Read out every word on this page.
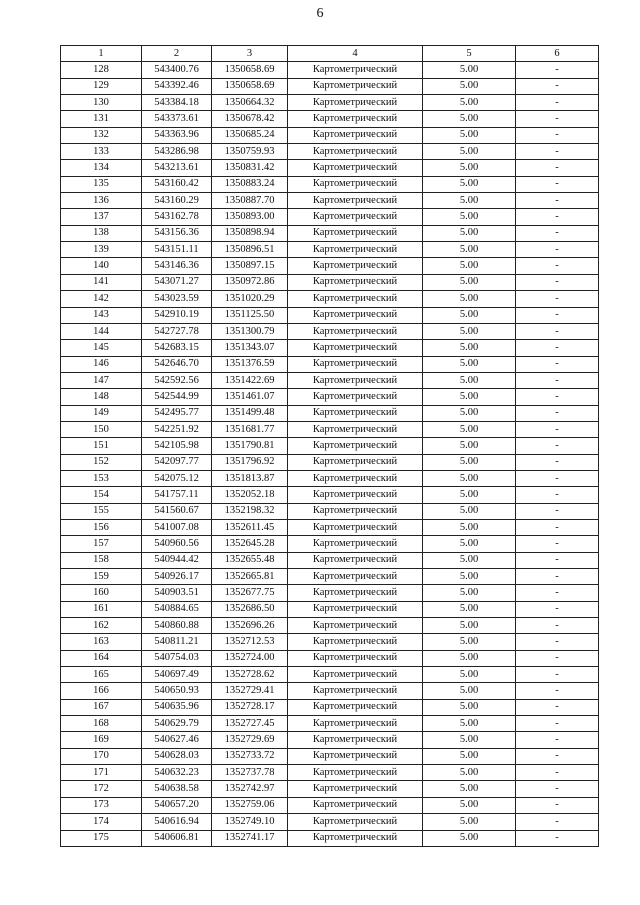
6
1	2	3	4	5	6
128	543400.76	1350658.69	Картометрический	5.00	-
129	543392.46	1350658.69	Картометрический	5.00	-
130	543384.18	1350664.32	Картометрический	5.00	-
131	543373.61	1350678.42	Картометрический	5.00	-
132	543363.96	1350685.24	Картометрический	5.00	-
133	543286.98	1350759.93	Картометрический	5.00	-
134	543213.61	1350831.42	Картометрический	5.00	-
135	543160.42	1350883.24	Картометрический	5.00	-
136	543160.29	1350887.70	Картометрический	5.00	-
137	543162.78	1350893.00	Картометрический	5.00	-
138	543156.36	1350898.94	Картометрический	5.00	-
139	543151.11	1350896.51	Картометрический	5.00	-
140	543146.36	1350897.15	Картометрический	5.00	-
141	543071.27	1350972.86	Картометрический	5.00	-
142	543023.59	1351020.29	Картометрический	5.00	-
143	542910.19	1351125.50	Картометрический	5.00	-
144	542727.78	1351300.79	Картометрический	5.00	-
145	542683.15	1351343.07	Картометрический	5.00	-
146	542646.70	1351376.59	Картометрический	5.00	-
147	542592.56	1351422.69	Картометрический	5.00	-
148	542544.99	1351461.07	Картометрический	5.00	-
149	542495.77	1351499.48	Картометрический	5.00	-
150	542251.92	1351681.77	Картометрический	5.00	-
151	542105.98	1351790.81	Картометрический	5.00	-
152	542097.77	1351796.92	Картометрический	5.00	-
153	542075.12	1351813.87	Картометрический	5.00	-
154	541757.11	1352052.18	Картометрический	5.00	-
155	541560.67	1352198.32	Картометрический	5.00	-
156	541007.08	1352611.45	Картометрический	5.00	-
157	540960.56	1352645.28	Картометрический	5.00	-
158	540944.42	1352655.48	Картометрический	5.00	-
159	540926.17	1352665.81	Картометрический	5.00	-
160	540903.51	1352677.75	Картометрический	5.00	-
161	540884.65	1352686.50	Картометрический	5.00	-
162	540860.88	1352696.26	Картометрический	5.00	-
163	540811.21	1352712.53	Картометрический	5.00	-
164	540754.03	1352724.00	Картометрический	5.00	-
165	540697.49	1352728.62	Картометрический	5.00	-
166	540650.93	1352729.41	Картометрический	5.00	-
167	540635.96	1352728.17	Картометрический	5.00	-
168	540629.79	1352727.45	Картометрический	5.00	-
169	540627.46	1352729.69	Картометрический	5.00	-
170	540628.03	1352733.72	Картометрический	5.00	-
171	540632.23	1352737.78	Картометрический	5.00	-
172	540638.58	1352742.97	Картометрический	5.00	-
173	540657.20	1352759.06	Картометрический	5.00	-
174	540616.94	1352749.10	Картометрический	5.00	-
175	540606.81	1352741.17	Картометрический	5.00	-
